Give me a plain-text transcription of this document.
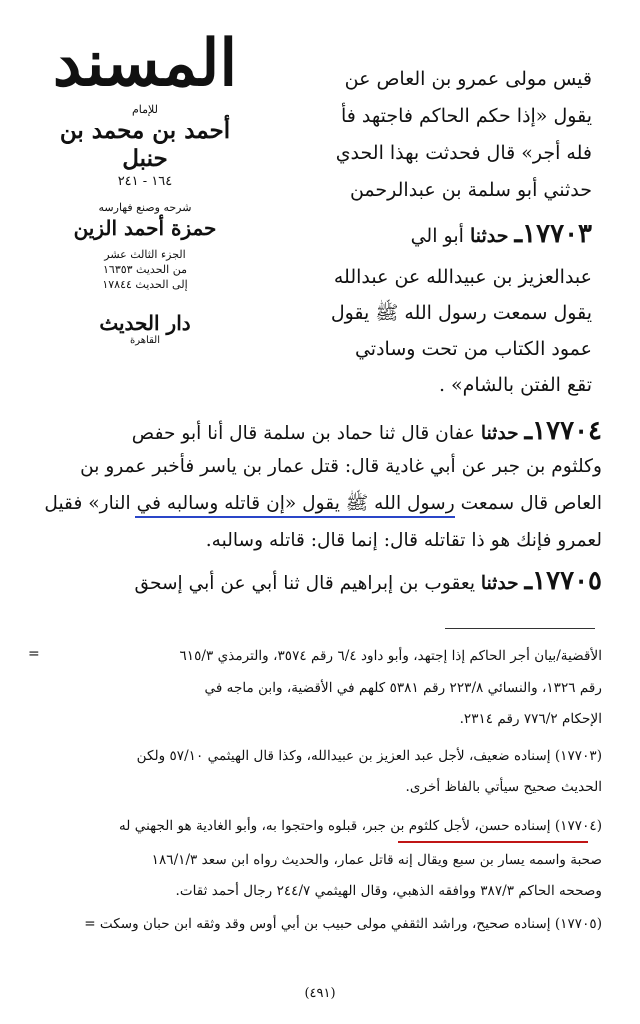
المسند
للإمام
أحمد بن محمد بن حنبل
١٦٤ - ٢٤١
شرحه وصنع فهارسه
حمزة أحمد الزين
الجزء الثالث عشر
من الحديث ١٦٣٥٣
إلى الحديث ١٧٨٤٤
دار الحديث
القاهرة
قيس مولى عمرو بن العاص عن
يقول «إذا حكم الحاكم فاجتهد فأ
فله أجر» قال فحدثت بهذا الحدي
حدثني أبو سلمة بن عبدالرحمن
١٧٧٠٣ـ حدثنا أبو الي
عبدالعزيز بن عبيدالله عن عبدالله
يقول سمعت رسول الله ﷺ يقول
عمود الكتاب من تحت وسادتي
تقع الفتن بالشام» .
١٧٧٠٤ـ حدثنا عفان قال ثنا حماد بن سلمة قال أنا أبو حفص
وكلثوم بن جبر عن أبي غادية قال: قتل عمار بن ياسر فأخبر عمرو بن
العاص قال سمعت رسول الله ﷺ يقول «إن قاتله وسالبه في النار» فقيل
لعمرو فإنك هو ذا تقاتله قال: إنما قال: قاتله وسالبه.
١٧٧٠٥ـ حدثنا يعقوب بن إبراهيم قال ثنا أبي عن أبي إسحق
=	الأقضية/بيان أجر الحاكم إذا إجتهد، وأبو داود ٦/٤ رقم ٣٥٧٤، والترمذي ٦١٥/٣
رقم ١٣٢٦، والنسائي ٢٢٣/٨ رقم ٥٣٨١ كلهم في الأقضية، وابن ماجه في
الإحكام ٧٧٦/٢ رقم ٢٣١٤.
(١٧٧٠٣) إسناده ضعيف، لأجل عبد العزيز بن عبيدالله، وكذا قال الهيثمي ٥٧/١٠ ولكن
الحديث صحيح سيأتي بالفاظ أخرى.
(١٧٧٠٤) إسناده حسن، لأجل كلثوم بن جبر، قبلوه واحتجوا به، وأبو الغادية هو الجهني له
صحبة واسمه يسار بن سبع ويقال إنه قاتل عمار، والحديث رواه ابن سعد ١٨٦/١/٣
وصححه الحاكم ٣٨٧/٣ ووافقه الذهبي، وقال الهيثمي ٢٤٤/٧ رجال أحمد ثقات.
(١٧٧٠٥) إسناده صحيح، وراشد الثقفي مولى حبيب بن أبي أوس وقد وثقه ابن حبان وسكت =
(٤٩١)
